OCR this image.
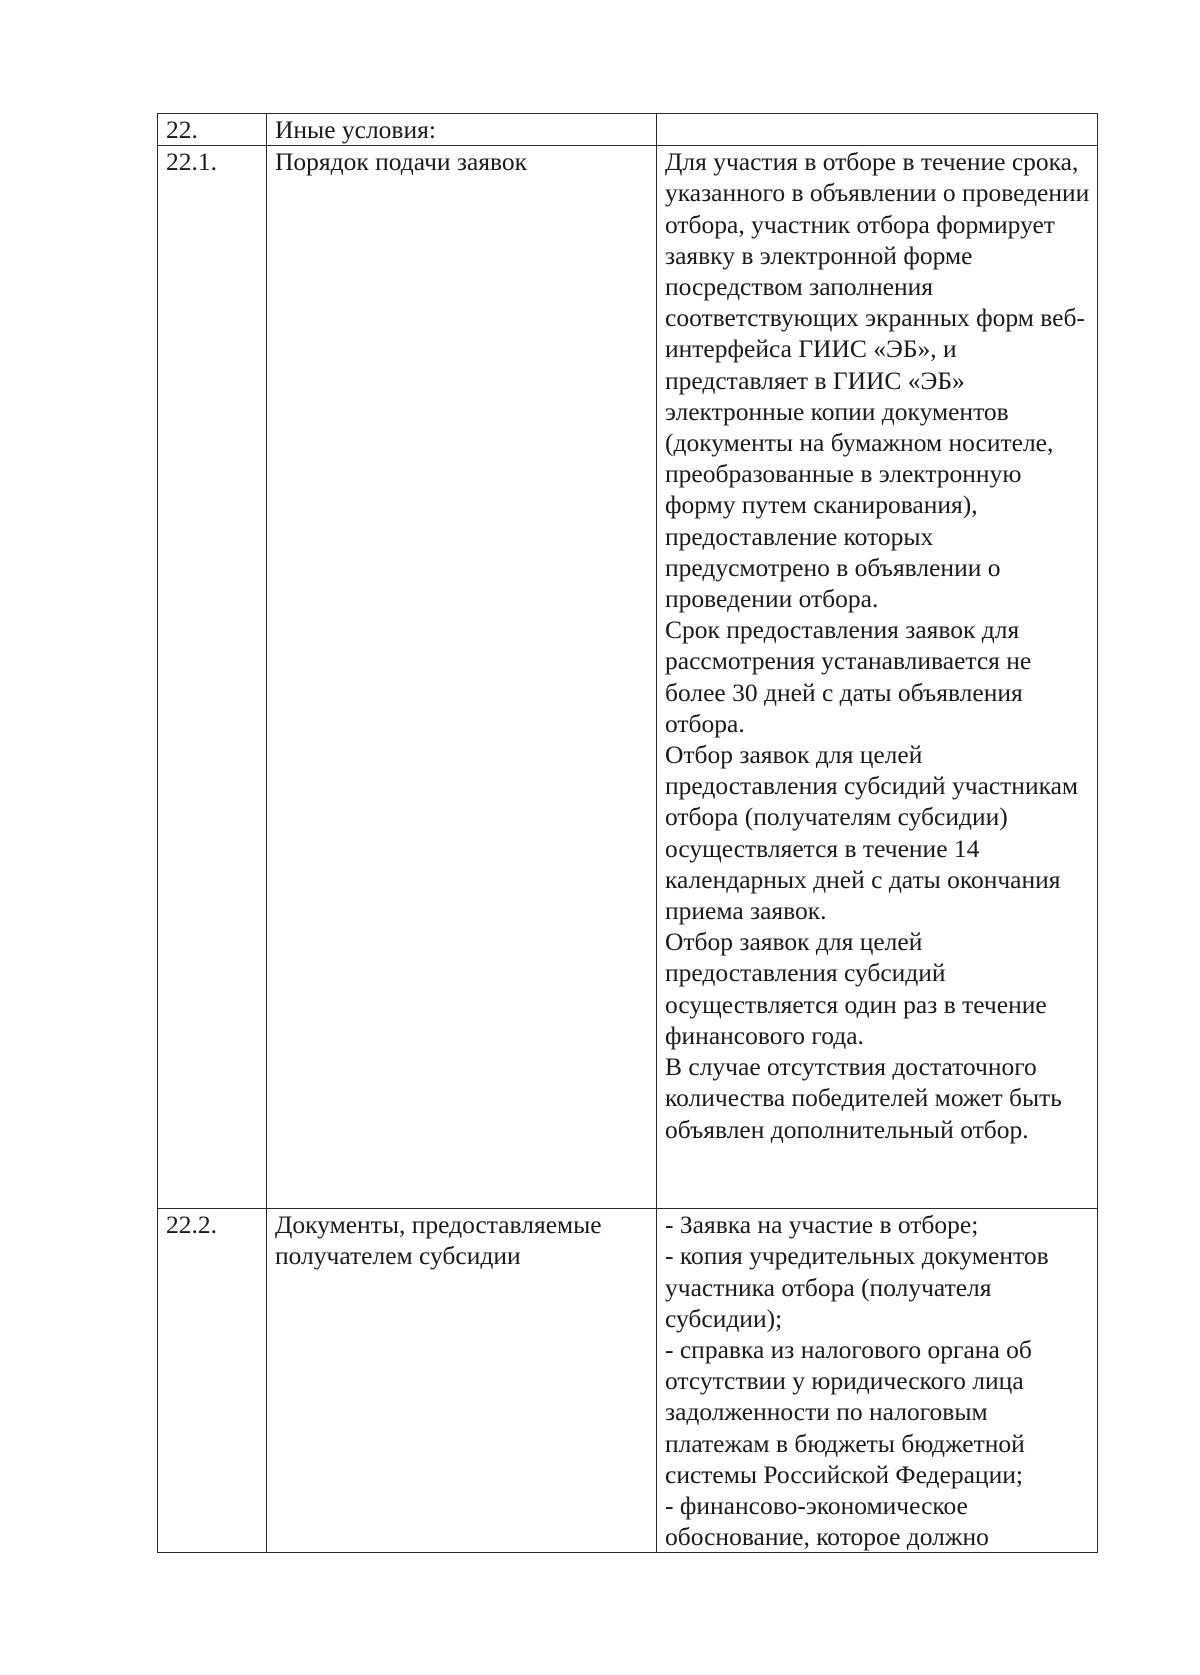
22.	Иные условия:	
22.1.	Порядок подачи заявок	Для участия в отборе в течение срока, указанного в объявлении о проведении отбора, участник отбора формирует заявку в электронной форме посредством заполнения соответствующих экранных форм веб-интерфейса ГИИС «ЭБ», и представляет в ГИИС «ЭБ» электронные копии документов (документы на бумажном носителе, преобразованные в электронную форму путем сканирования), предоставление которых предусмотрено в объявлении о проведении отбора.
Срок предоставления заявок для рассмотрения устанавливается не более 30 дней с даты объявления отбора.
Отбор заявок для целей предоставления субсидий участникам отбора (получателям субсидии) осуществляется в течение 14 календарных дней с даты окончания приема заявок.
Отбор заявок для целей предоставления субсидий осуществляется один раз в течение финансового года.
В случае отсутствия достаточного количества победителей может быть объявлен дополнительный отбор.
22.2.	Документы, предоставляемые получателем субсидии	- Заявка на участие в отборе;
- копия учредительных документов участника отбора (получателя субсидии);
- справка из налогового органа об отсутствии у юридического лица задолженности по налоговым платежам в бюджеты бюджетной системы Российской Федерации;
- финансово-экономическое обоснование, которое должно
